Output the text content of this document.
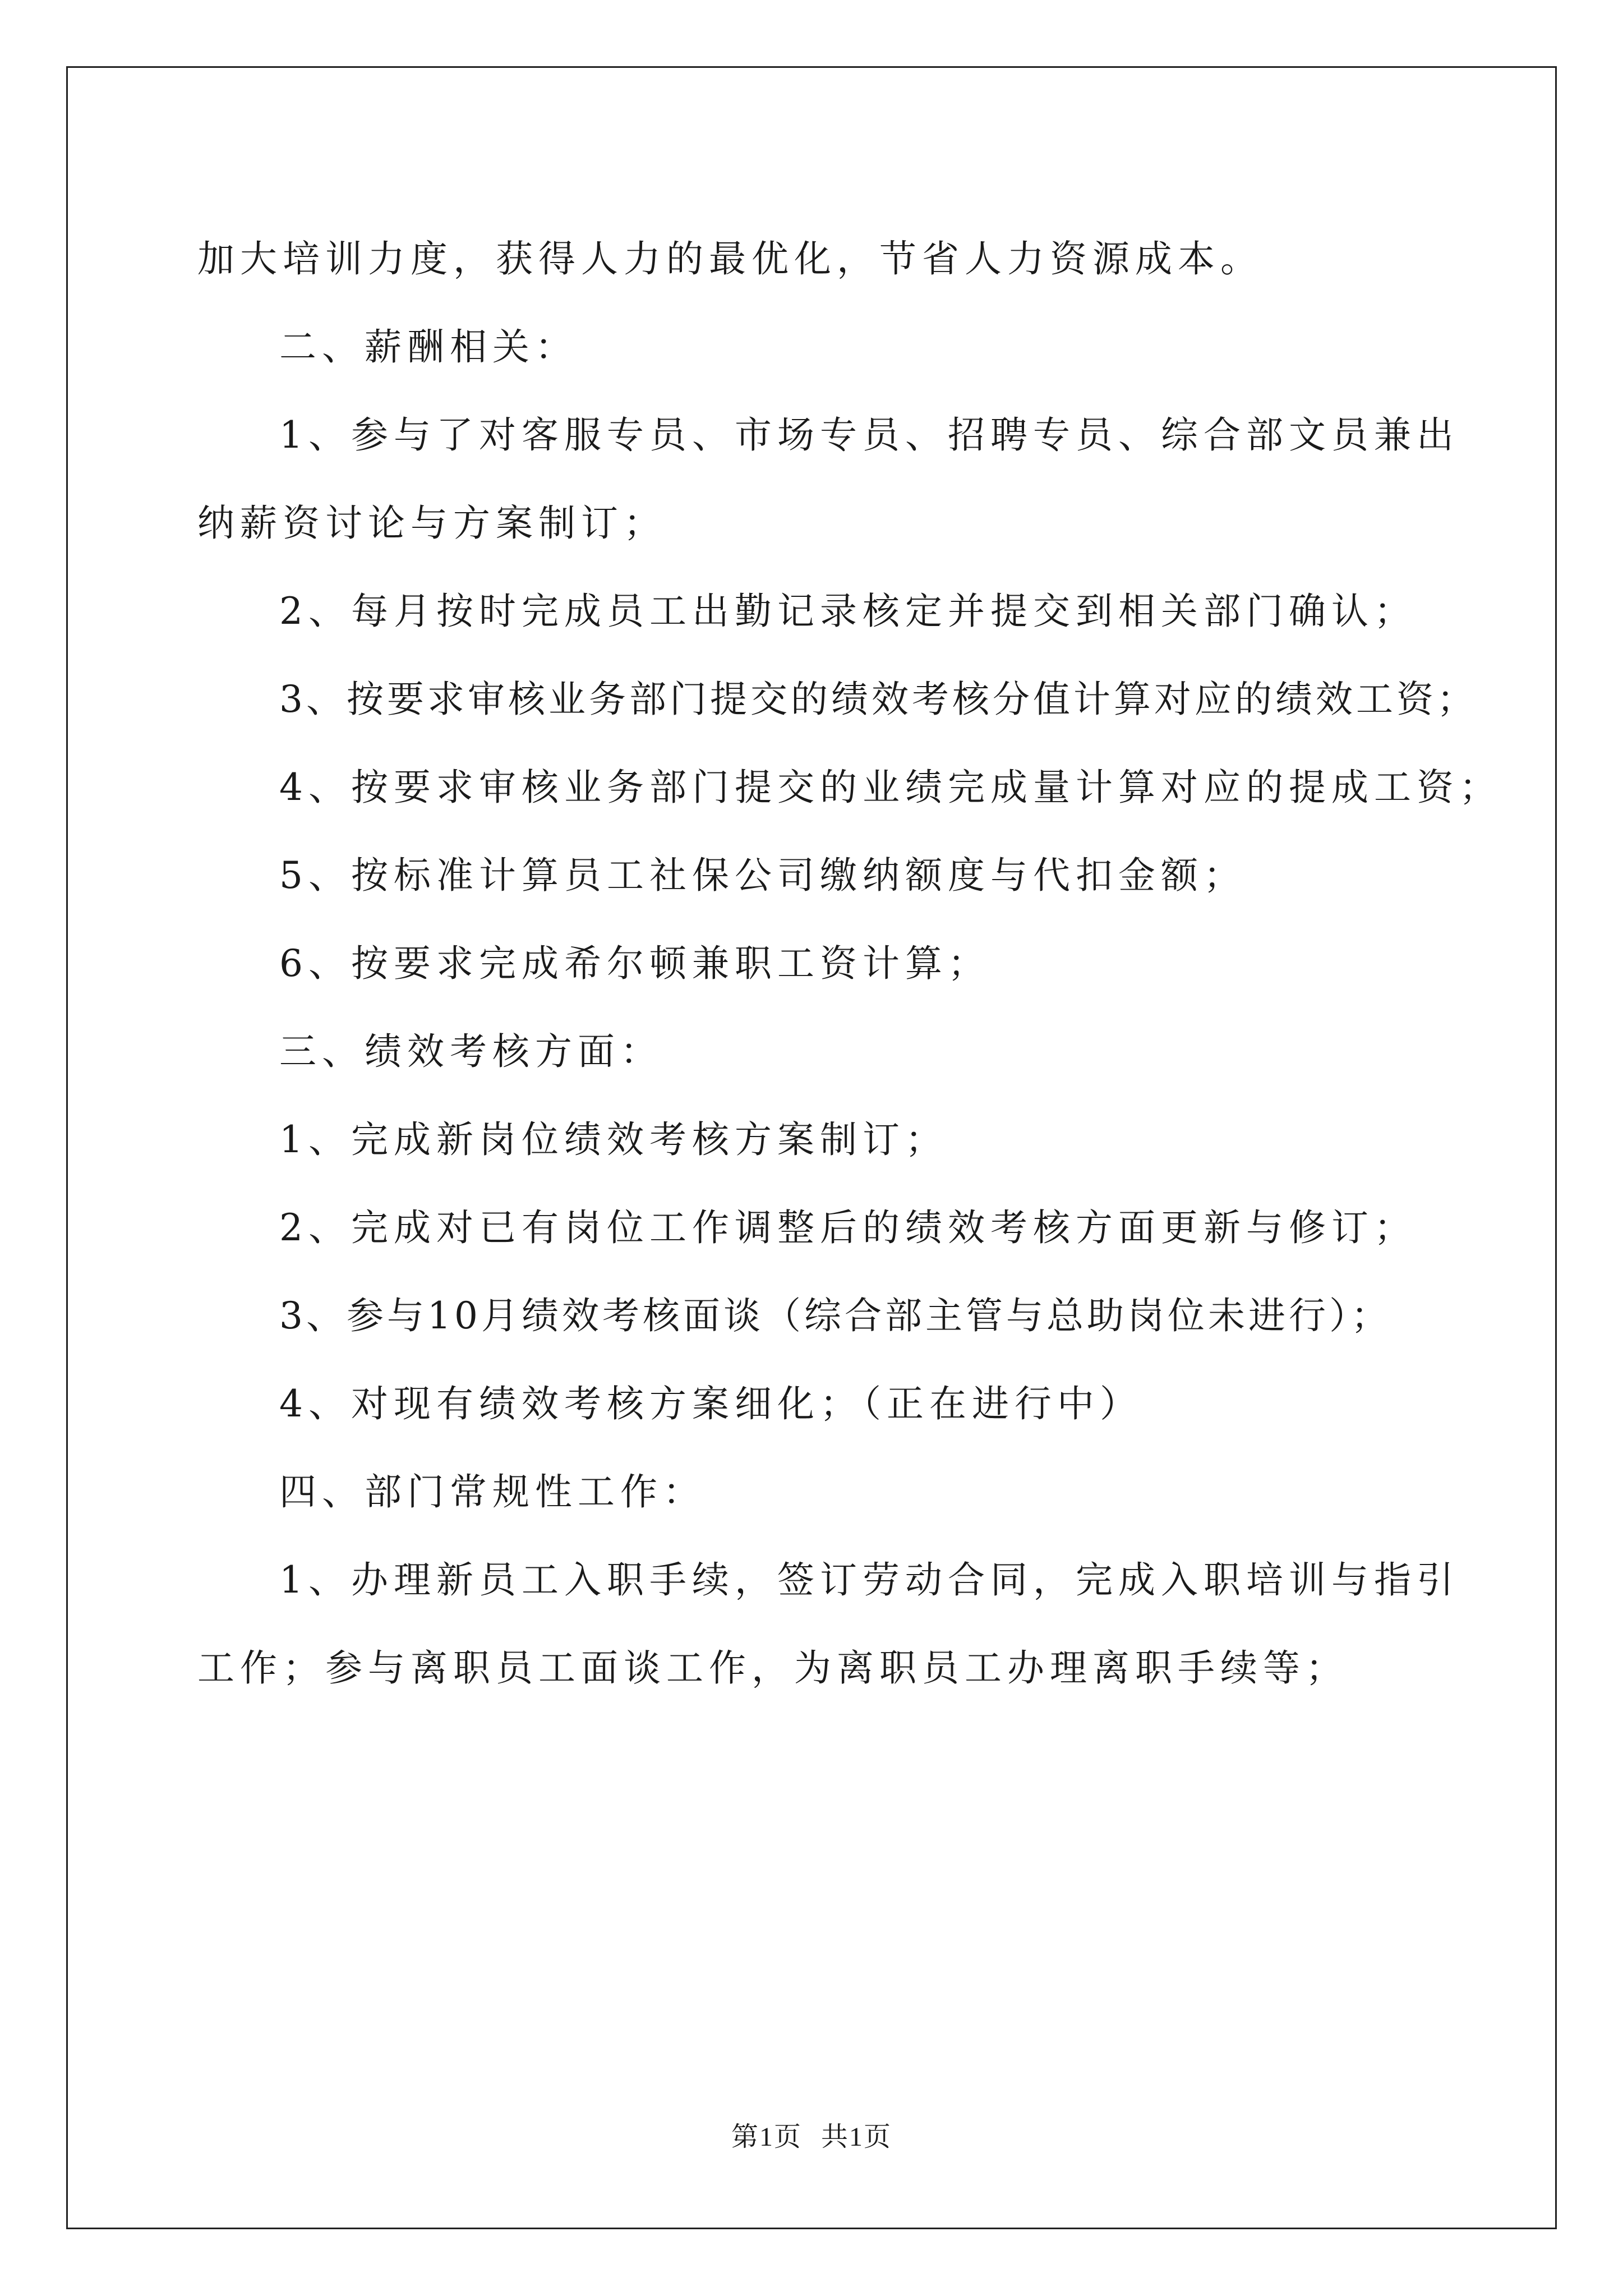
加大培训力度，获得人力的最优化，节省人力资源成本。

二、薪酬相关：

1、参与了对客服专员、市场专员、招聘专员、综合部文员兼出纳薪资讨论与方案制订；

2、每月按时完成员工出勤记录核定并提交到相关部门确认；

3、按要求审核业务部门提交的绩效考核分值计算对应的绩效工资；

4、按要求审核业务部门提交的业绩完成量计算对应的提成工资；

5、按标准计算员工社保公司缴纳额度与代扣金额；

6、按要求完成希尔顿兼职工资计算；

三、绩效考核方面：

1、完成新岗位绩效考核方案制订；

2、完成对已有岗位工作调整后的绩效考核方面更新与修订；

3、参与10月绩效考核面谈（综合部主管与总助岗位未进行）；

4、对现有绩效考核方案细化；（正在进行中）

四、部门常规性工作：

1、办理新员工入职手续，签订劳动合同，完成入职培训与指引工作；参与离职员工面谈工作，为离职员工办理离职手续等；

第1页 共1页
